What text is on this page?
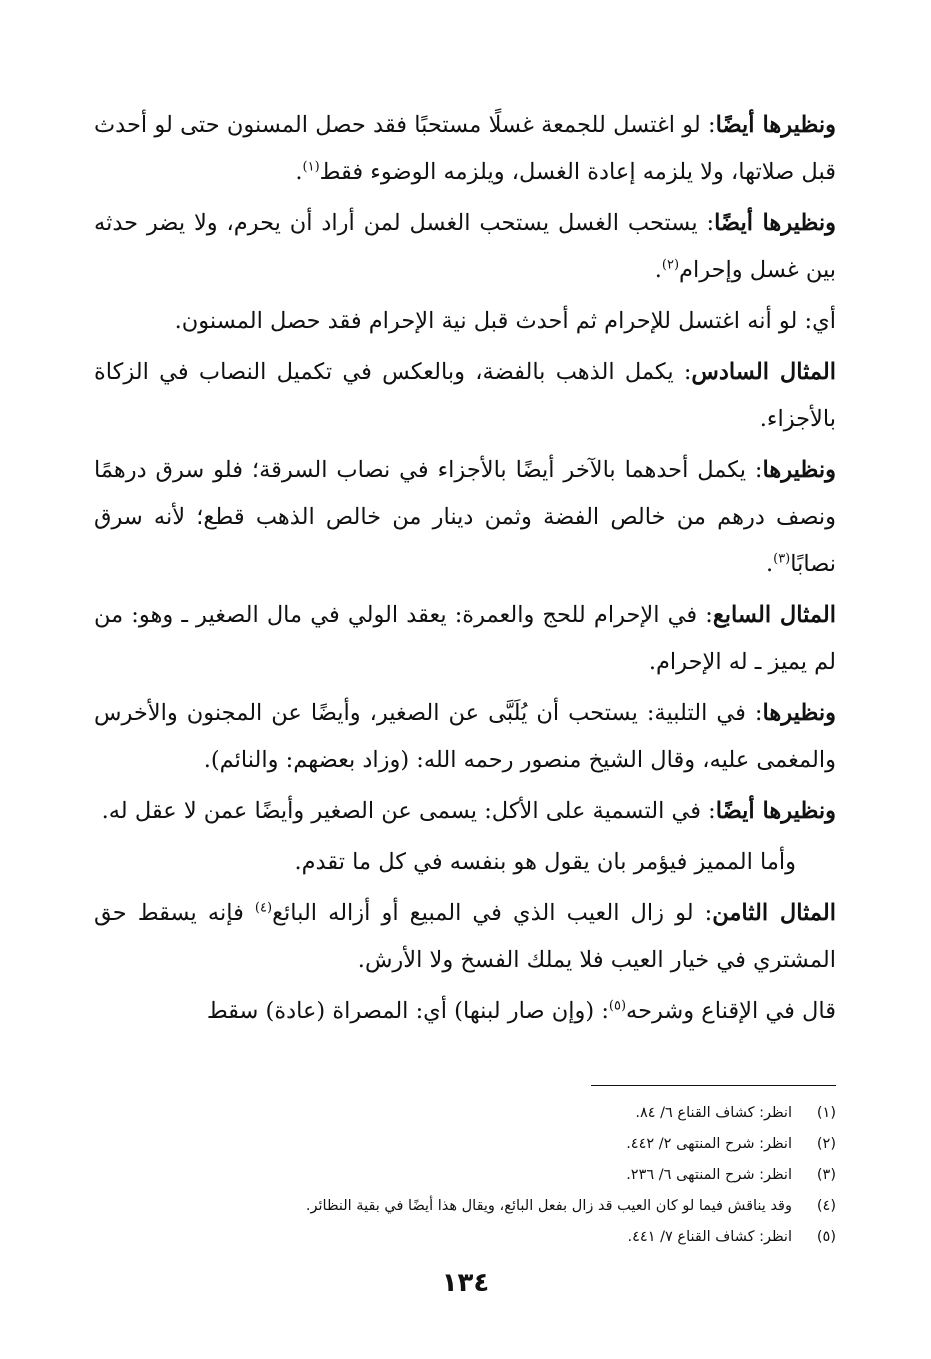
ونظيرها أيضًا: لو اغتسل للجمعة غسلًا مستحبًا فقد حصل المسنون حتى لو أحدث قبل صلاتها، ولا يلزمه إعادة الغسل، ويلزمه الوضوء فقط$^{(١)}$.

ونظيرها أيضًا: يستحب الغسل يستحب الغسل لمن أراد أن يحرم، ولا يضر حدثه بين غسل وإحرام$^{(٢)}$.

أي: لو أنه اغتسل للإحرام ثم أحدث قبل نية الإحرام فقد حصل المسنون.

المثال السادس: يكمل الذهب بالفضة، وبالعكس في تكميل النصاب في الزكاة بالأجزاء.

ونظيرها: يكمل أحدهما بالآخر أيضًا بالأجزاء في نصاب السرقة؛ فلو سرق درهمًا ونصف درهم من خالص الفضة وثمن دينار من خالص الذهب قطع؛ لأنه سرق نصابًا$^{(٣)}$.

المثال السابع: في الإحرام للحج والعمرة: يعقد الولي في مال الصغير ـ وهو: من لم يميز ـ له الإحرام.

ونظيرها: في التلبية: يستحب أن يُلَبَّى عن الصغير، وأيضًا عن المجنون والأخرس والمغمى عليه، وقال الشيخ منصور رحمه الله: (وزاد بعضهم: والنائم).

ونظيرها أيضًا: في التسمية على الأكل: يسمى عن الصغير وأيضًا عمن لا عقل له.

وأما المميز فيؤمر بان يقول هو بنفسه في كل ما تقدم.

المثال الثامن: لو زال العيب الذي في المبيع أو أزاله البائع$^{(٤)}$ فإنه يسقط حق المشتري في خيار العيب فلا يملك الفسخ ولا الأرش.

قال في الإقناع وشرحه$^{(٥)}$: (وإن صار لبنها) أي: المصراة (عادة) سقط

(١)
انظر: كشاف القناع ٦/ ٨٤.
(٢)
انظر: شرح المنتهى ٢/ ٤٤٢.
(٣)
انظر: شرح المنتهى ٦/ ٢٣٦.
(٤)
وقد يناقش فيما لو كان العيب قد زال بفعل البائع، ويقال هذا أيضًا في بقية النظائر.
(٥)
انظر: كشاف القناع ٧/ ٤٤١.
١٣٤
